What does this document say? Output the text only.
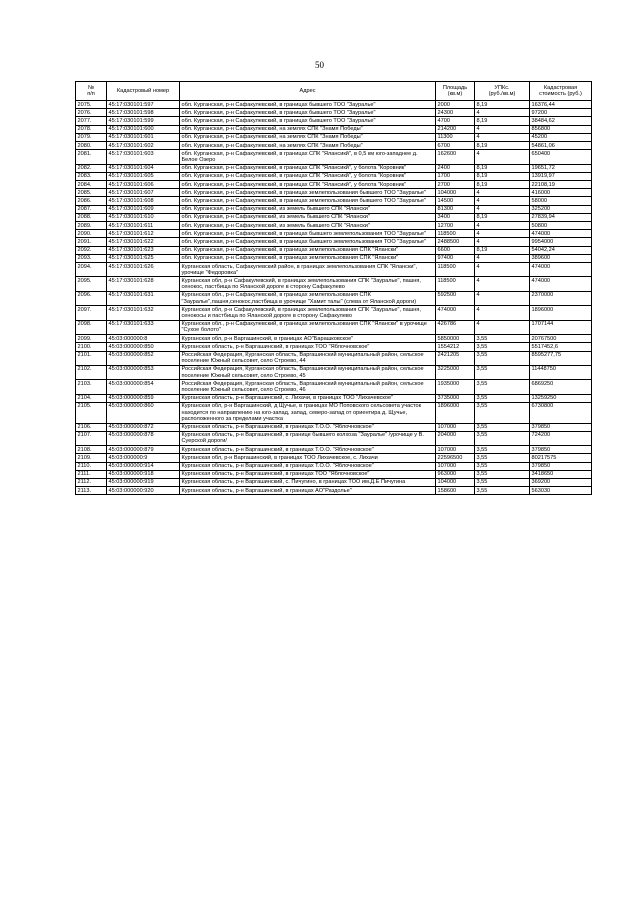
50
№
п/п	Кадастровый номер	Адрес	Площадь
(кв.м)	УПКс.
(руб./кв.м)	Кадастровая
стоимость (руб.)
2075.	45:17:030101:597	обл. Курганская, р-н Сафакулевский, в границах бывшего ТОО "Зауралье"	2000	8,19	16376,44
2076.	45:17:030101:598	обл. Курганская, р-н Сафакулевский, в границах бывшего ТОО "Зауралье"	24300	4	97200
2077.	45:17:030101:599	обл. Курганская, р-н Сафакулевский, в границах бывшего ТОО "Зауралье"	4700	8,19	38484,62
2078.	45:17:030101:600	обл. Курганская, р-н Сафакулевский, на землях СПК "Знамя Победы"	214200	4	856800
2079.	45:17:030101:601	обл. Курганская, р-н Сафакулевский, на землях СПК "Знамя Победы"	11300	4	45200
2080.	45:17:030101:602	обл. Курганская, р-н Сафакулевский, на землях СПК "Знамя Победы"	6700	8,19	54861,06
2081.	45:17:030101:603	обл. Курганская, р-н Сафакулевский, в границах СПК "Ялансикй", в 0,5 км юго-западнее д. Белое Озеро	162600	4	650400
2082.	45:17:030101:604	обл. Курганская, р-н Сафакулевский, в границах СПК "Ялансикй", у болота "Коровник"	2400	8,19	19651,72
2083.	45:17:030101:605	обл. Курганская, р-н Сафакулевский, в границах СПК "Ялансикй", у болота "Коровник"	1700	8,19	13919,97
2084.	45:17:030101:606	обл. Курганская, р-н Сафакулевский, в границах СПК "Ялансикй", у болота "Коровник"	2700	8,19	22108,19
2085.	45:17:030101:607	обл. Курганская, р-н Сафакулевский, в границах землепользования бывшего ТОО "Зауралье"	104000	4	416000
2086.	45:17:030101:608	обл. Курганская, р-н Сафакулевский, в границах землепользования бывшего ТОО "Зауралье"	14500	4	58000
2087.	45:17:030101:609	обл. Курганская, р-н Сафакулевский, из земель бывшего СПК "Ялански"	81300	4	325200
2088.	45:17:030101:610	обл. Курганская, р-н Сафакулевский, из земель бывшего СПК "Ялански"	3400	8,19	27839,94
2089.	45:17:030101:611	обл. Курганская, р-н Сафакулевский, из земель бывшего СПК "Ялански"	12700	4	50800
2090.	45:17:030101:612	обл. Курганская, р-н Сафакулевский, в границах бывшего землепользования ТОО "Зауралье"	118500	4	474000
2091.	45:17:030101:622	обл. Курганская, р-н Сафакулевский, в границах бывшего землепользования ТОО "Зауралье"	2488500	4	9954000
2092.	45:17:030101:623	обл. Курганская, р-н Сафакулевский, в границах землепользования СПК "Ялански"	6600	8,19	54042,24
2093.	45:17:030101:625	обл. Курганская, р-н Сафакулевский, в границах землепользования СПК "Ялански"	97400	4	389600
2094.	45:17:030101:626	Курганская область, Сафакулевский район, в границах землепользования СПК "Ялански", урочище "Федоровка"	118500	4	474000
2095.	45:17:030101:628	Курганская обл, р-н Сафакулевский, в границах землепользования СПК "Зауралье", пашня, сенокос, пастбища по Яланской дороге в сторону Сафакулево	118500	4	474000
2096.	45:17:030101:631	Курганская обл., р-н Сафакулевский, в границах землепользования СПК "Зауралье",пашня,сенокос,пастбища в урочище "Хамит талы" (слева от Яланской дороги)	592500	4	2370000
2097.	45:17:030101:632	Курганская обл, р-н Сафакулевский, в границах землепользования СПК "Зауралье", пашня, сенокосы и пастбища по Яланской дороге в сторону Сафакулево	474000	4	1896000
2098.	45:17:030101:633	Курганская обл., р-н Сафакулевский, в границах землепользования СПК "Ялански" в урочище "Сухое болото"	426786	4	1707144
2099.	45:03:000000:8	Курганская обл, р-н Варгашинский, в границах АО"Барашковское"	5850000	3,55	20767500
2100.	45:03:000000:850	Курганская область, р-н Варгашинский, в границах ТОО "Яблочновское"	1554212	3,55	5517452,6
2101.	45:03:000000:852	Российская Федерация, Курганская область, Варгашинский муниципальный район, сельское поселение Южный сельсовет, село Строево, 44	2421205	3,55	8595277,75
2102.	45:03:000000:853	Российская Федерация, Курганская область, Варгашинский муниципальный район, сельское поселение Южный сельсовет, село Строево, 45	3225000	3,55	11448750
2103.	45:03:000000:854	Российская Федерация, Курганская область, Варгашинский муниципальный район, сельское поселение Южный сельсовет, село Строево, 46	1935000	3,55	6869250
2104.	45:03:000000:859	Курганская область, р-н Варгашинский, с. Лихачи, в границах ТОО "Лихачевское"	3735000	3,55	13259250
2105.	45:03:000000:860	Курганская обл, р-н Варгашинский, д Щучье, в границах МО Поповского сельсовета участок находится по направлению на юго-запад, запад, северо-запад от ориентира д. Щучье, расположенного за пределами участка	1896000	3,55	6730800
2106.	45:03:000000:872	Курганская область, р-н Варгашинский, в границах Т.О.О. "Яблочновское"	107000	3,55	379850
2107.	45:03:000000:878	Курганская область, р-н Варгашинский, в границе бывшего колхоза "Зауралье" /урочище у В. Суерской дороги/	204000	3,55	724200
2108.	45:03:000000:879	Курганская область, р-н Варгашинский, в границах Т.О.О. "Яблочновское"	107000	3,55	379850
2109.	45:03:000000:9	Курганская обл, р-н Варгашинский, в границах ТОО Лихачевское, с. Лихачи	22596500	3,55	80217575
2110.	45:03:000000:914	Курганская область, р-н Варгашинский, в границах Т.О.О. "Яблочновское"	107000	3,55	379850
2111.	45:03:000000:918	Курганская область, р-н Варгашинский, в границах ТОО "Яблочновское"	963000	3,55	3418650
2112.	45:03:000000:919	Курганская область, р-н Варгашинский, с. Пичугино, в границах ТОО им.Д.Е Пичугина	104000	3,55	369200
2113.	45:03:000000:920	Курганская область, р-н Варгашинский, в границах АО"Раздолье"	158600	3,55	563030
